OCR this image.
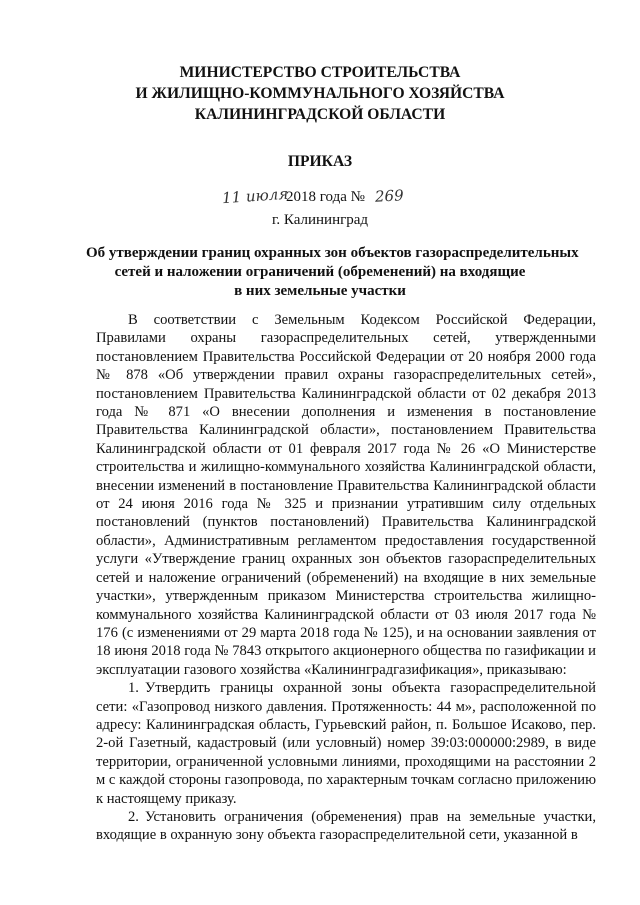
МИНИСТЕРСТВО СТРОИТЕЛЬСТВА
И ЖИЛИЩНО-КОММУНАЛЬНОГО ХОЗЯЙСТВА
КАЛИНИНГРАДСКОЙ ОБЛАСТИ
ПРИКАЗ
11 июля
2018 года № 269
г. Калининград
Об утверждении границ охранных зон объектов газораспределительных
сетей и наложении ограничений (обременений) на входящие
в них земельные участки

В соответствии с Земельным Кодексом Российской Федерации, Правилами охраны газораспределительных сетей, утвержденными постановлением Правительства Российской Федерации от 20 ноября 2000 года № 878 «Об утверждении правил охраны газораспределительных сетей», постановлением Правительства Калининградской области от 02 декабря 2013 года № 871 «О внесении дополнения и изменения в постановление Правительства Калининградской области», постановлением Правительства Калининградской области от 01 февраля 2017 года № 26 «О Министерстве строительства и жилищно-коммунального хозяйства Калининградской области, внесении изменений в постановление Правительства Калининградской области от 24 июня 2016 года № 325 и признании утратившим силу отдельных постановлений (пунктов постановлений) Правительства Калининградской области», Административным регламентом предоставления государственной услуги «Утверждение границ охранных зон объектов газораспределительных сетей и наложение ограничений (обременений) на входящие в них земельные участки», утвержденным приказом Министерства строительства жилищно-коммунального хозяйства Калининградской области от 03 июля 2017 года № 176 (с изменениями от 29 марта 2018 года № 125), и на основании заявления от 18 июня 2018 года № 7843 открытого акционерного общества по газификации и эксплуатации газового хозяйства «Калининградгазификация», приказываю:

1. Утвердить границы охранной зоны объекта газораспределительной сети: «Газопровод низкого давления. Протяженность: 44 м», расположенной по адресу: Калининградская область, Гурьевский район, п. Большое Исаково, пер. 2-ой Газетный, кадастровый (или условный) номер 39:03:000000:2989, в виде территории, ограниченной условными линиями, проходящими на расстоянии 2 м с каждой стороны газопровода, по характерным точкам согласно приложению к настоящему приказу.

2. Установить ограничения (обременения) прав на земельные участки, входящие в охранную зону объекта газораспределительной сети, указанной в
